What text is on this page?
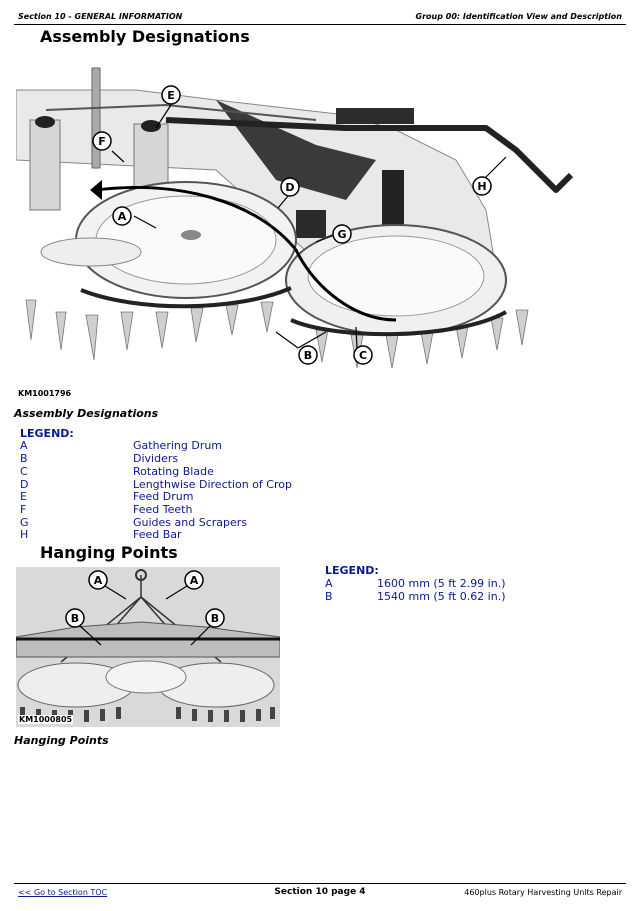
Section 10 - GENERAL INFORMATION	Group 00: Identification View and Description
Assembly Designations
E
F
A
D
G
H
B	C
KM1001796
Assembly Designations
LEGEND:
A	Gathering Drum
B	Dividers
C	Rotating Blade
D	Lengthwise Direction of Crop
E	Feed Drum
F	Feed Teeth
G	Guides and Scrapers
H	Feed Bar
Hanging Points
A	A
B	B
KM1000805
Hanging Points
LEGEND:
A	1600 mm (5 ft 2.99 in.)
B	1540 mm (5 ft 0.62 in.)
<< Go to Section TOC	Section 10 page 4	460plus Rotary Harvesting Units Repair
